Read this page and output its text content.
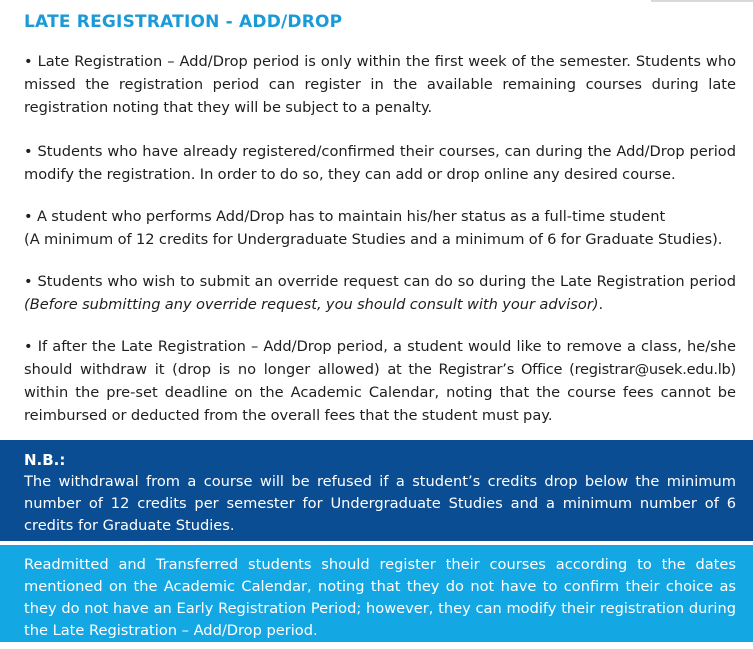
LATE REGISTRATION - ADD/DROP

• Late Registration – Add/Drop period is only within the first week of the semester. Students who missed the registration period can register in the available remaining courses during late registration noting that they will be subject to a penalty.

• Students who have already registered/confirmed their courses, can during the Add/Drop period modify the registration. In order to do so, they can add or drop online any desired course.

• A student who performs Add/Drop has to maintain his/her status as a full-time student
(A minimum of 12 credits for Undergraduate Studies and a minimum of 6 for Graduate Studies).

• Students who wish to submit an override request can do so during the Late Registration period (Before submitting any override request, you should consult with your advisor).

• If after the Late Registration – Add/Drop period, a student would like to remove a class, he/she should withdraw it (drop is no longer allowed) at the Registrar’s Office (registrar@usek.edu.lb) within the pre-set deadline on the Academic Calendar, noting that the course fees cannot be reimbursed or deducted from the overall fees that the student must pay.

N.B.:

The withdrawal from a course will be refused if a student’s credits drop below the minimum number of 12 credits per semester for Undergraduate Studies and a minimum number of 6 credits for Graduate Studies.

Readmitted and Transferred students should register their courses according to the dates mentioned on the Academic Calendar, noting that they do not have to confirm their choice as they do not have an Early Registration Period; however, they can modify their registration during the Late Registration – Add/Drop period.
